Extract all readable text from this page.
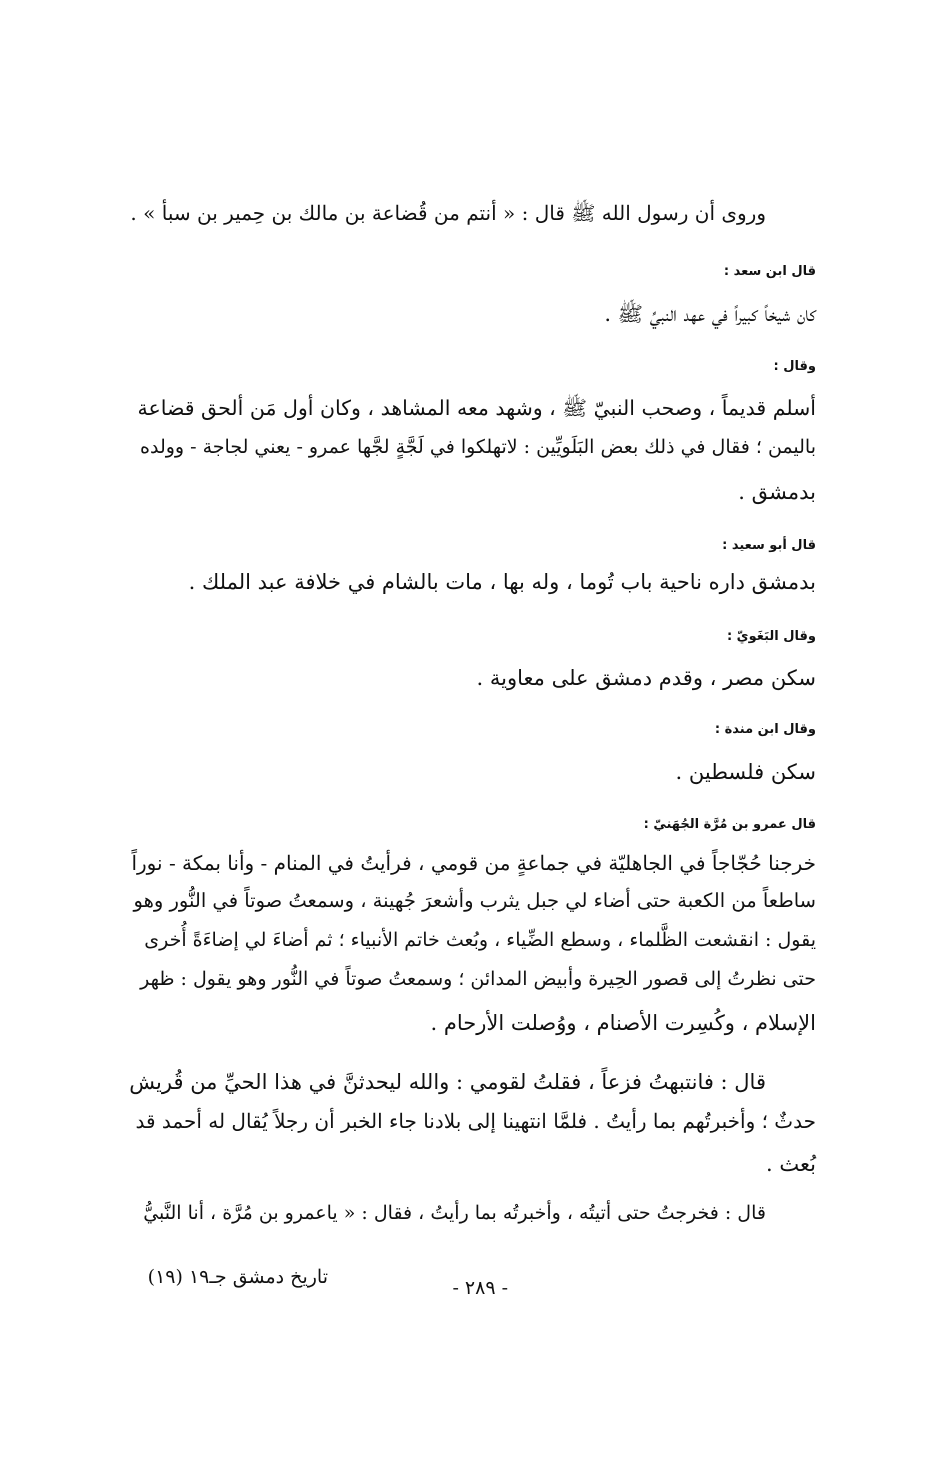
وروى أن رسول الله ﷺ قال : « أنتم من قُضاعة بن مالك بن حِمير بن سبأ » .
قال ابن سعد :
كان شيخاً كبيراً في عهد النبيِّ ﷺ .
وقال :
أسلم قديماً ، وصحب النبيّ ﷺ ، وشهد معه المشاهد ، وكان أول مَن ألحق قضاعة
باليمن ؛ فقال في ذلك بعض البَلَويِّين : لاتهلكوا في لَجَّةٍ لجَّها عمرو - يعني لجاجة - وولده
بدمشق .
قال أبو سعيد :
بدمشق داره ناحية باب تُوما ، وله بها ، مات بالشام في خلافة عبد الملك .
وقال البَغَويّ :
سكن مصر ، وقدم دمشق على معاوية .
وقال ابن مندة :
سكن فلسطين .
قال عمرو بن مُرَّة الجُهَنيّ :
خرجنا حُجّاجاً في الجاهليّة في جماعةٍ من قومي ، فرأيتُ في المنام - وأنا بمكة - نوراً
ساطعاً من الكعبة حتى أضاء لي جبل يثرب وأشعرَ جُهينة ، وسمعتُ صوتاً في النُّور وهو
يقول : انقشعت الظَّلماء ، وسطع الضِّياء ، وبُعث خاتم الأنبياء ؛ ثم أضاءَ لي إضاءَةً أُخرى
حتى نظرتُ إلى قصور الحِيرة وأبيض المدائن ؛ وسمعتُ صوتاً في النُّور وهو يقول : ظهر
الإسلام ، وكُسِرت الأصنام ، ووُصلت الأرحام .
قال : فانتبهتُ فزعاً ، فقلتُ لقومي : والله ليحدثنَّ في هذا الحيِّ من قُريش
حدثٌ ؛ وأخبرتُهم بما رأيتُ . فلمَّا انتهينا إلى بلادنا جاء الخبر أن رجلاً يُقال له أحمد قد
بُعث .
قال : فخرجتُ حتى أتيتُه ، وأخبرتُه بما رأيتُ ، فقال : « ياعمرو بن مُرَّة ، أنا النَّبيُّ
تاريخ دمشق جـ١٩ (١٩)	- ٢٨٩ -
